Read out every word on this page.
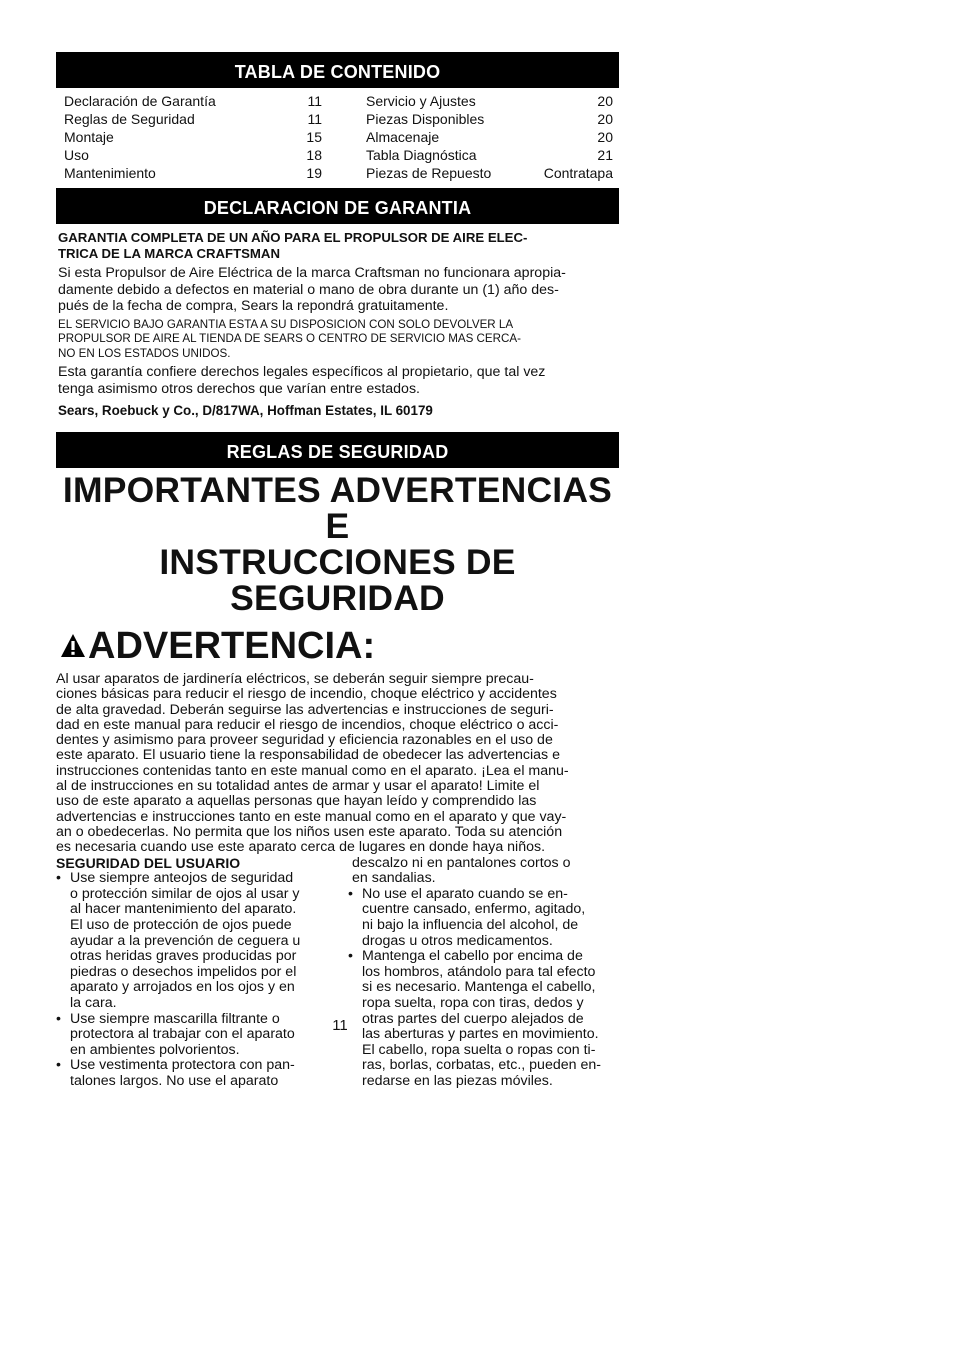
TABLA DE CONTENIDO
Declaración de Garantía
Reglas de Seguridad
Montaje
Uso
Mantenimiento
11
11
15
18
19
Servicio y Ajustes
Piezas Disponibles
Almacenaje
Tabla Diagnóstica
Piezas de Repuesto
20
20
20
21
Contratapa
DECLARACION DE GARANTIA
GARANTIA COMPLETA DE UN AÑO PARA EL PROPULSOR DE AIRE ELEC-
TRICA DE LA MARCA CRAFTSMAN
Si esta Propulsor de Aire Eléctrica de la marca Craftsman no funcionara apropia-
damente debido a defectos en material o mano de obra durante un (1) año des-
pués de la fecha de compra, Sears la repondrá gratuitamente.
EL SERVICIO BAJO GARANTIA ESTA A SU DISPOSICION CON SOLO DEVOLVER LA
PROPULSOR DE AIRE AL TIENDA DE SEARS O CENTRO DE SERVICIO MAS CERCA-
NO EN LOS ESTADOS UNIDOS.
Esta garantía confiere derechos legales específicos al propietario, que tal vez
tenga asimismo otros derechos que varían entre estados.
Sears, Roebuck y Co., D/817WA, Hoffman Estates, IL 60179
REGLAS DE SEGURIDAD
IMPORTANTES ADVERTENCIAS E
INSTRUCCIONES DE SEGURIDAD
ADVERTENCIA:
Al usar aparatos de jardinería eléctricos, se deberán seguir siempre precau-
ciones básicas para reducir el riesgo de incendio, choque eléctrico y accidentes
de alta gravedad. Deberán seguirse las advertencias e instrucciones de seguri-
dad en este manual para reducir el riesgo de incendios, choque eléctrico o acci-
dentes y asimismo para proveer seguridad y eficiencia razonables en el uso de
este aparato. El usuario tiene la responsabilidad de obedecer las advertencias e
instrucciones contenidas tanto en este manual como en el aparato. ¡Lea el manu-
al de instrucciones en su totalidad antes de armar y usar el aparato! Limite el
uso de este aparato a aquellas personas que hayan leído y comprendido las
advertencias e instrucciones tanto en este manual como en el aparato y que vay-
an o obedecerlas. No permita que los niños usen este aparato. Toda su atención
es necesaria cuando use este aparato cerca de lugares en donde haya niños.
SEGURIDAD DEL USUARIO
• Use siempre anteojos de seguridad
o protección similar de ojos al usar y
al hacer mantenimiento del aparato.
El uso de protección de ojos puede
ayudar a la prevención de ceguera u
otras heridas graves producidas por
piedras o desechos impelidos por el
aparato y arrojados en los ojos y en
la cara.
• Use siempre mascarilla filtrante o
protectora al trabajar con el aparato
en ambientes polvorientos.
• Use vestimenta protectora con pan-
talones largos. No use el aparato
descalzo ni en pantalones cortos o
en sandalias.
• No use el aparato cuando se en-
cuentre cansado, enfermo, agitado,
ni bajo la influencia del alcohol, de
drogas u otros medicamentos.
• Mantenga el cabello por encima de
los hombros, atándolo para tal efecto
si es necesario. Mantenga el cabello,
ropa suelta, ropa con tiras, dedos y
otras partes del cuerpo alejados de
las aberturas y partes en movimiento.
El cabello, ropa suelta o ropas con ti-
ras, borlas, corbatas, etc., pueden en-
redarse en las piezas móviles.
11
